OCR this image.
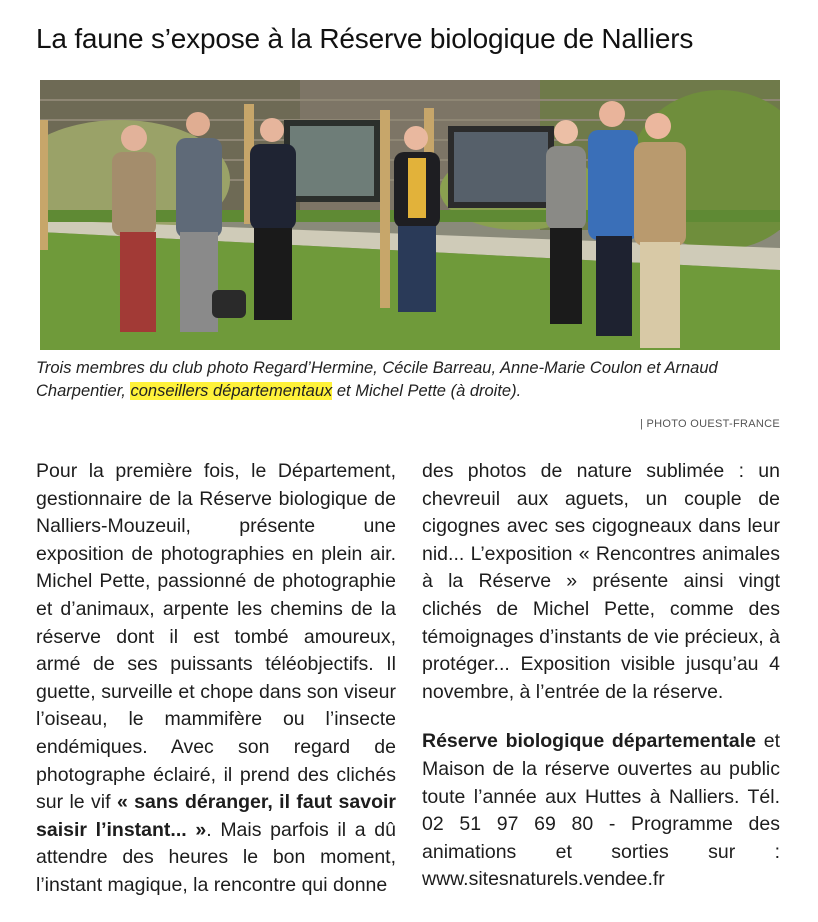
La faune s’expose à la Réserve biologique de Nalliers
Trois membres du club photo Regard’Hermine, Cécile Barreau, Anne-Marie Coulon et Arnaud Charpentier, conseillers départementaux et Michel Pette (à droite).
| PHOTO OUEST-FRANCE

Pour la première fois, le Département, gestionnaire de la Réserve biologique de Nalliers-Mouzeuil, présente une exposition de photographies en plein air. Michel Pette, passionné de photographie et d’animaux, arpente les chemins de la réserve dont il est tombé amoureux, armé de ses puissants téléobjectifs. Il guette, surveille et chope dans son viseur l’oiseau, le mammifère ou l’insecte endémiques. Avec son regard de photographe éclairé, il prend des clichés sur le vif « sans déranger, il faut savoir saisir l’instant... ». Mais parfois il a dû attendre des heures le bon moment, l’instant magique, la rencontre qui donne

des photos de nature sublimée : un chevreuil aux aguets, un couple de cigognes avec ses cigogneaux dans leur nid... L’exposition « Rencontres animales à la Réserve » présente ainsi vingt clichés de Michel Pette, comme des témoignages d’instants de vie précieux, à protéger... Exposition visible jusqu’au 4 novembre, à l’entrée de la réserve.

Réserve biologique départementale et Maison de la réserve ouvertes au public toute l’année aux Huttes à Nalliers. Tél. 02 51 97 69 80 - Programme des animations et sorties sur : www.sitesnaturels.vendee.fr
